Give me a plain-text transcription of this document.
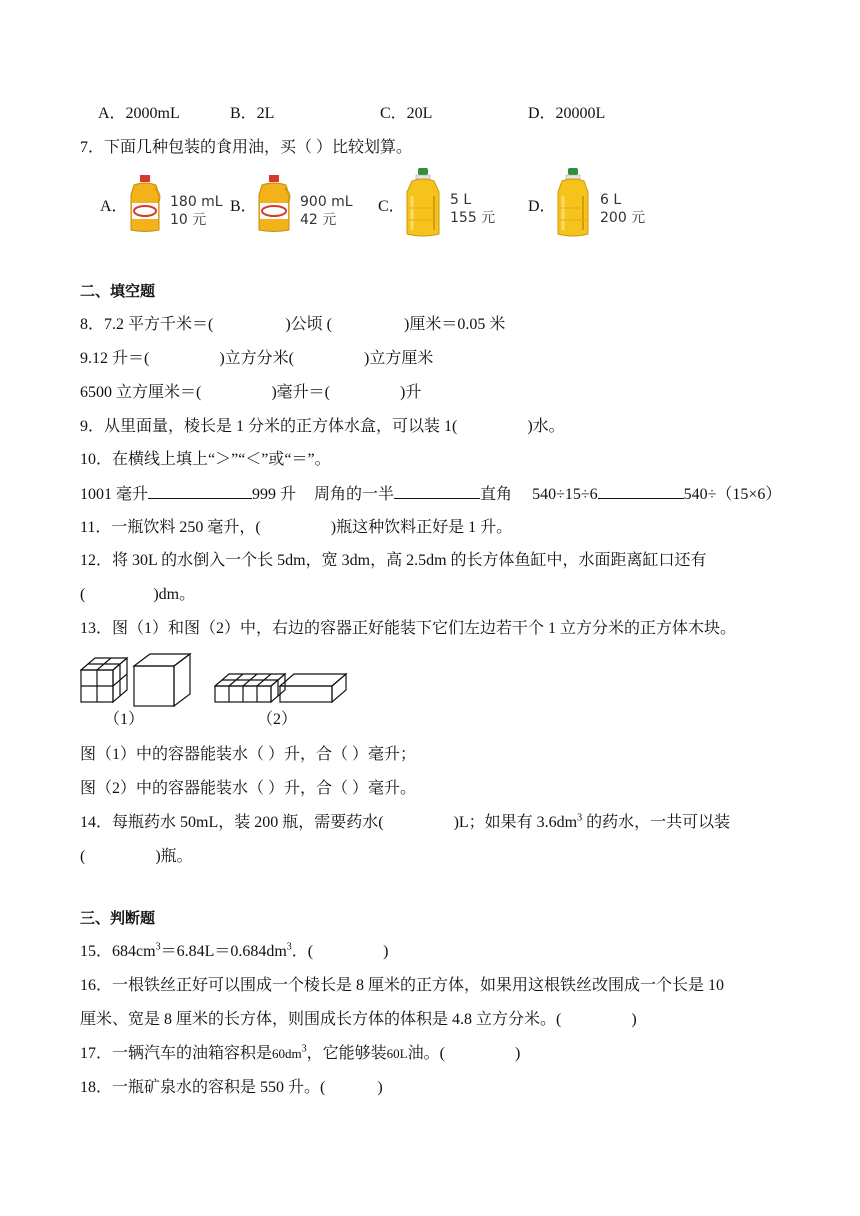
A．2000mL	B．2L	C．20L	D．20000L
7．下面几种包装的食用油，买（ ）比较划算。
A．	180 mL
10 元
B．	900 mL
42 元
C．	5 L
155 元
D．	6 L
200 元
二、填空题
8．7.2 平方千米＝(	)公顷 (	)厘米＝0.05 米
9.12 升＝(	)立方分米(	)立方厘米
6500 立方厘米＝(	)毫升＝(	)升
9．从里面量，棱长是 1 分米的正方体水盒，可以装 1(	)水。
10．在横线上填上“＞”“＜”或“＝”。
1001 毫升	999 升 周角的一半	直角 540÷15÷6	540÷（15×6）
11．一瓶饮料 250 毫升，(	)瓶这种饮料正好是 1 升。
12．将 30L 的水倒入一个长 5dm，宽 3dm，高 2.5dm 的长方体鱼缸中，水面距离缸口还有
(	)dm。
13．图（1）和图（2）中，右边的容器正好能装下它们左边若干个 1 立方分米的正方体木块。
（1）	（2）
图（1）中的容器能装水（ ）升，合（ ）毫升；
图（2）中的容器能装水（ ）升，合（ ）毫升。
14．每瓶药水 50mL，装 200 瓶，需要药水(	)L；如果有 $3.6dm^3$ 的药水，一共可以装
(	)瓶。
三、判断题
15．$684cm^3=6.84L=0.684dm^3$．(	)
16．一根铁丝正好可以围成一个棱长是 8 厘米的正方体，如果用这根铁丝改围成一个长是 10
厘米、宽是 8 厘米的长方体，则围成长方体的体积是 4.8 立方分米。(	)
17．一辆汽车的油箱容积是$60dm^3$，它能够装60L油。(	)
18．一瓶矿泉水的容积是 550 升。(	)
